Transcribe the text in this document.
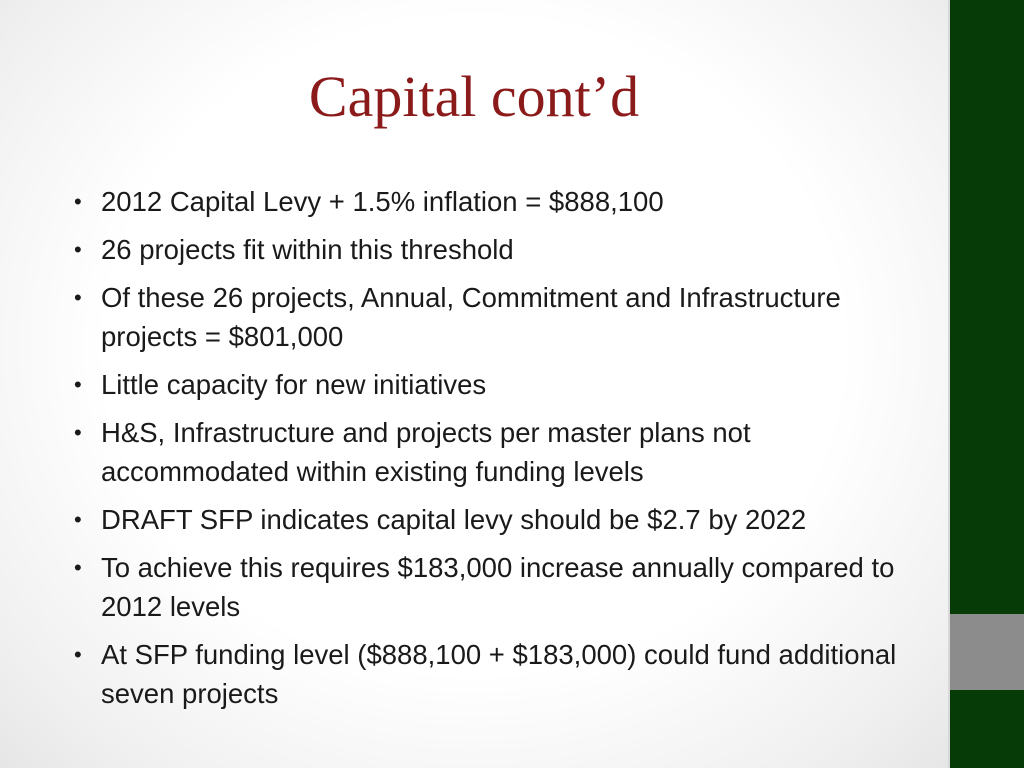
Capital cont’d
• 2012 Capital Levy + 1.5% inflation = $888,100
• 26 projects fit within this threshold
• Of these 26 projects, Annual, Commitment and Infrastructure projects = $801,000
• Little capacity for new initiatives
• H&S, Infrastructure and projects per master plans not accommodated within existing funding levels
• DRAFT SFP indicates capital levy should be $2.7 by 2022
• To achieve this requires $183,000 increase annually compared to 2012 levels
• At SFP funding level ($888,100 + $183,000) could fund additional seven projects
